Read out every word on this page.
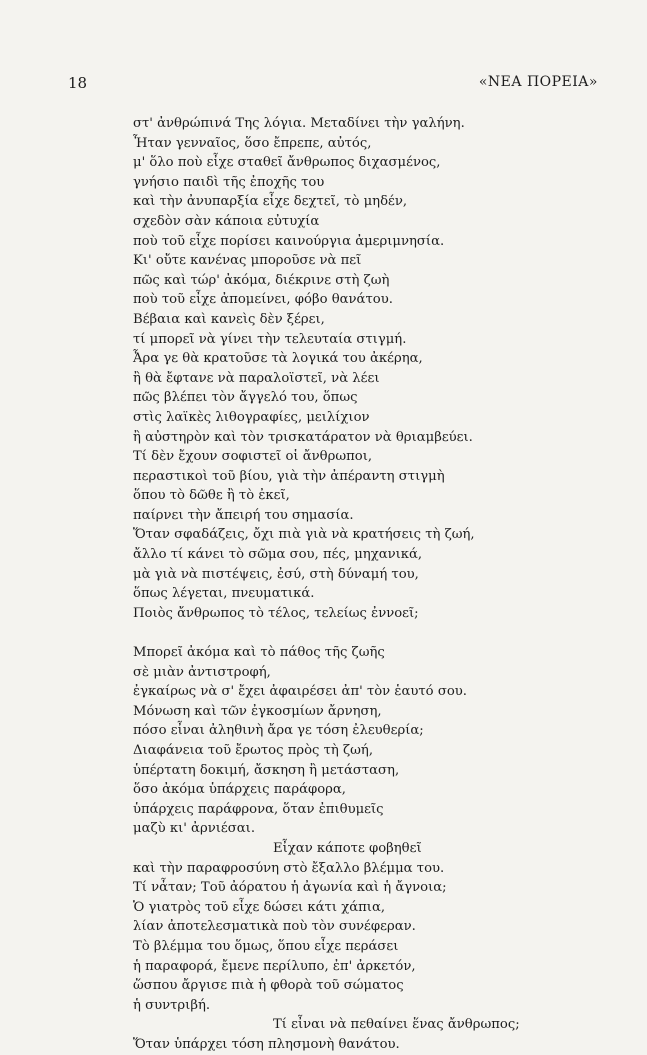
18	«ΝΕΑ ΠΟΡΕΙΑ»
στ' ἀνθρώπινά Της λόγια. Μεταδίνει τὴν γαλήνη.
Ἦταν γενναῖος, ὅσο ἔπρεπε, αὐτός,
μ' ὅλο ποὺ εἶχε σταθεῖ ἄνθρωπος διχασμένος,
γνήσιο παιδὶ τῆς ἐποχῆς του
καὶ τὴν ἀνυπαρξία εἶχε δεχτεῖ, τὸ μηδέν,
σχεδὸν σὰν κάποια εὐτυχία
ποὺ τοῦ εἶχε πορίσει καινούργια ἀμεριμνησία.
Κι' οὔτε κανένας μποροῦσε νὰ πεῖ
πῶς καὶ τώρ' ἀκόμα, διέκρινε στὴ ζωὴ
ποὺ τοῦ εἶχε ἀπομείνει, φόβο θανάτου.
Βέβαια καὶ κανεὶς δὲν ξέρει,
τί μπορεῖ νὰ γίνει τὴν τελευταία στιγμή.
Ἆρα γε θὰ κρατοῦσε τὰ λογικά του ἀκέρηα,
ἢ θὰ ἔφτανε νὰ παραλοϊστεῖ, νὰ λέει
πῶς βλέπει τὸν ἄγγελό του, ὅπως
στὶς λαϊκὲς λιθογραφίες, μειλίχιον
ἢ αὐστηρὸν καὶ τὸν τρισκατάρατον νὰ θριαμβεύει.
Τί δὲν ἔχουν σοφιστεῖ οἱ ἄνθρωποι,
περαστικοὶ τοῦ βίου, γιὰ τὴν ἀπέραντη στιγμὴ
ὅπου τὸ δῶθε ἢ τὸ ἐκεῖ,
παίρνει τὴν ἄπειρή του σημασία.
Ὅταν σφαδάζεις, ὄχι πιὰ γιὰ νὰ κρατήσεις τὴ ζωή,
ἄλλο τί κάνει τὸ σῶμα σου, πές, μηχανικά,
μὰ γιὰ νὰ πιστέψεις, ἐσύ, στὴ δύναμή του,
ὅπως λέγεται, πνευματικά.
Ποιὸς ἄνθρωπος τὸ τέλος, τελείως ἐννοεῖ;
Μπορεῖ ἀκόμα καὶ τὸ πάθος τῆς ζωῆς
σὲ μιὰν ἀντιστροφή,
ἐγκαίρως νὰ σ' ἔχει ἀφαιρέσει ἀπ' τὸν ἑαυτό σου.
Μόνωση καὶ τῶν ἐγκοσμίων ἄρνηση,
πόσο εἶναι ἀληθινὴ ἄρα γε τόση ἐλευθερία;
Διαφάνεια τοῦ ἔρωτος πρὸς τὴ ζωή,
ὑπέρτατη δοκιμή, ἄσκηση ἢ μετάσταση,
ὅσο ἀκόμα ὑπάρχεις παράφορα,
ὑπάρχεις παράφρονα, ὅταν ἐπιθυμεῖς
μαζὺ κι' ἀρνιέσαι.
Εἶχαν κάποτε φοβηθεῖ
καὶ τὴν παραφροσύνη στὸ ἔξαλλο βλέμμα του.
Τί νἆταν; Τοῦ ἀόρατου ἡ ἀγωνία καὶ ἡ ἄγνοια;
Ὁ γιατρὸς τοῦ εἶχε δώσει κάτι χάπια,
λίαν ἀποτελεσματικὰ ποὺ τὸν συνέφεραν.
Τὸ βλέμμα του ὅμως, ὅπου εἶχε περάσει
ἡ παραφορά, ἔμενε περίλυπο, ἐπ' ἀρκετόν,
ὥσπου ἄργισε πιὰ ἡ φθορὰ τοῦ σώματος
ἡ συντριβή.
Τί εἶναι νὰ πεθαίνει ἕνας ἄνθρωπος;
Ὅταν ὑπάρχει τόση πλησμονὴ θανάτου.
